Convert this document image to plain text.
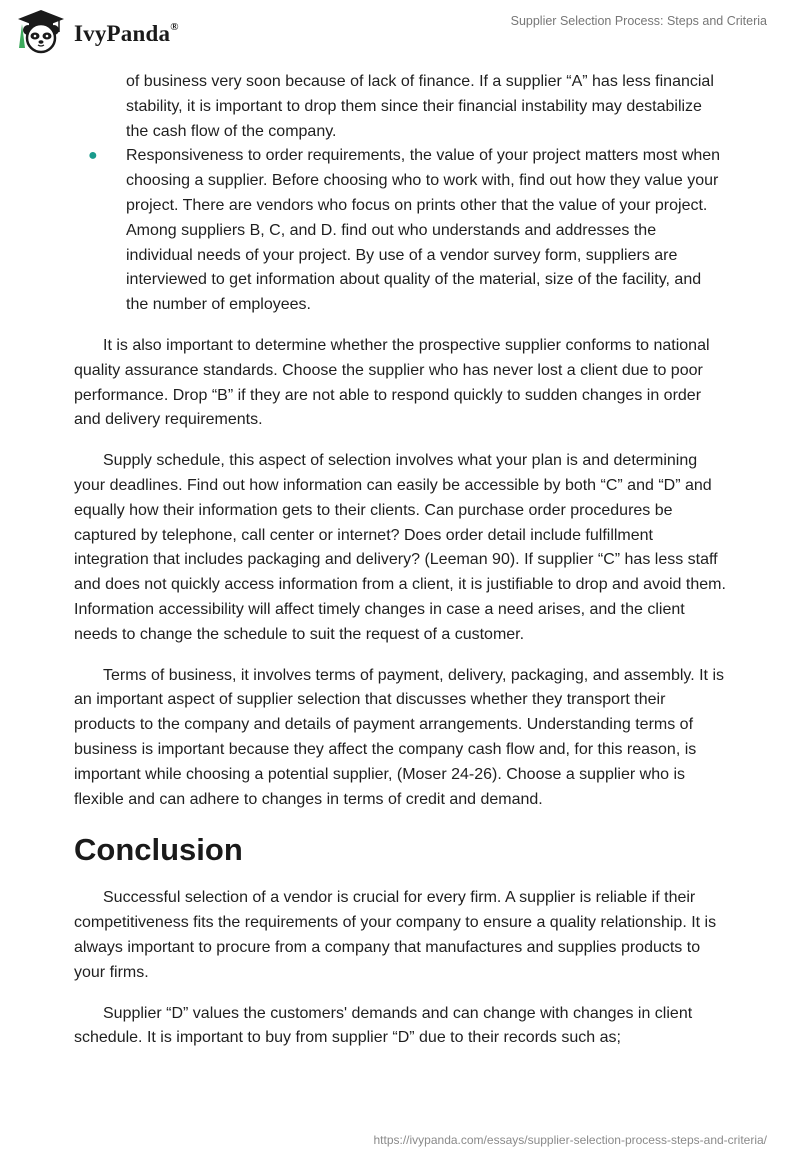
IvyPanda®	Supplier Selection Process: Steps and Criteria
of business very soon because of lack of finance. If a supplier “A” has less financial stability, it is important to drop them since their financial instability may destabilize the cash flow of the company.
● Responsiveness to order requirements, the value of your project matters most when choosing a supplier. Before choosing who to work with, find out how they value your project. There are vendors who focus on prints other that the value of your project. Among suppliers B, C, and D. find out who understands and addresses the individual needs of your project. By use of a vendor survey form, suppliers are interviewed to get information about quality of the material, size of the facility, and the number of employees.

It is also important to determine whether the prospective supplier conforms to national quality assurance standards. Choose the supplier who has never lost a client due to poor performance. Drop “B” if they are not able to respond quickly to sudden changes in order and delivery requirements.

Supply schedule, this aspect of selection involves what your plan is and determining your deadlines. Find out how information can easily be accessible by both “C” and “D” and equally how their information gets to their clients. Can purchase order procedures be captured by telephone, call center or internet? Does order detail include fulfillment integration that includes packaging and delivery? (Leeman 90). If supplier “C” has less staff and does not quickly access information from a client, it is justifiable to drop and avoid them. Information accessibility will affect timely changes in case a need arises, and the client needs to change the schedule to suit the request of a customer.

Terms of business, it involves terms of payment, delivery, packaging, and assembly. It is an important aspect of supplier selection that discusses whether they transport their products to the company and details of payment arrangements. Understanding terms of business is important because they affect the company cash flow and, for this reason, is important while choosing a potential supplier, (Moser 24-26). Choose a supplier who is flexible and can adhere to changes in terms of credit and demand.

Conclusion

Successful selection of a vendor is crucial for every firm. A supplier is reliable if their competitiveness fits the requirements of your company to ensure a quality relationship. It is always important to procure from a company that manufactures and supplies products to your firms.

Supplier “D” values the customers' demands and can change with changes in client schedule. It is important to buy from supplier “D” due to their records such as;

https://ivypanda.com/essays/supplier-selection-process-steps-and-criteria/
